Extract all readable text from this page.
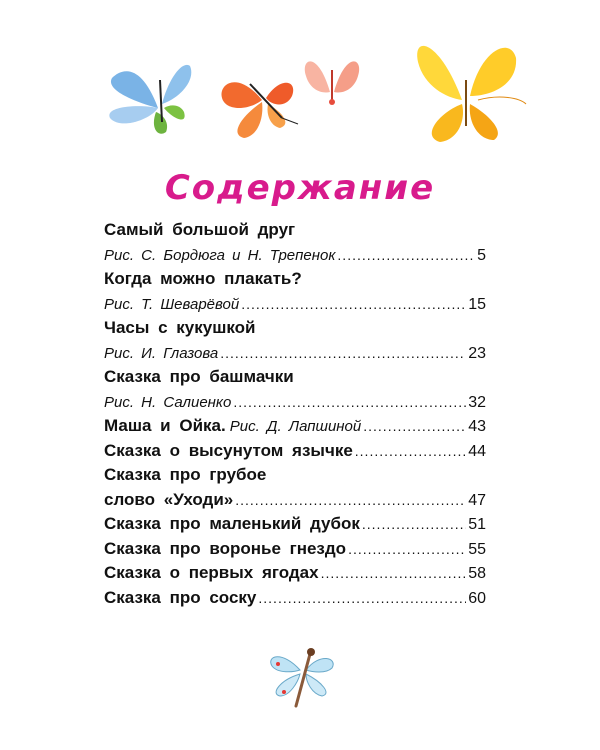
Содержание
Самый большой друг
Рис. С. Бордюга и Н. Трепенок .....	5
Когда можно плакать?
Рис. Т. Шеварёвой .....	15
Часы с кукушкой
Рис. И. Глазова .....	23
Сказка про башмачки
Рис. Н. Салиенко .....	32
Маша и Ойка. Рис. Д. Лапшиной .....	43
Сказка о высунутом язычке .....	44
Сказка про грубое
слово «Уходи» .....	47
Сказка про маленький дубок .....	51
Сказка про воронье гнездо .....	55
Сказка о первых ягодах .....	58
Сказка про соску .....	60
